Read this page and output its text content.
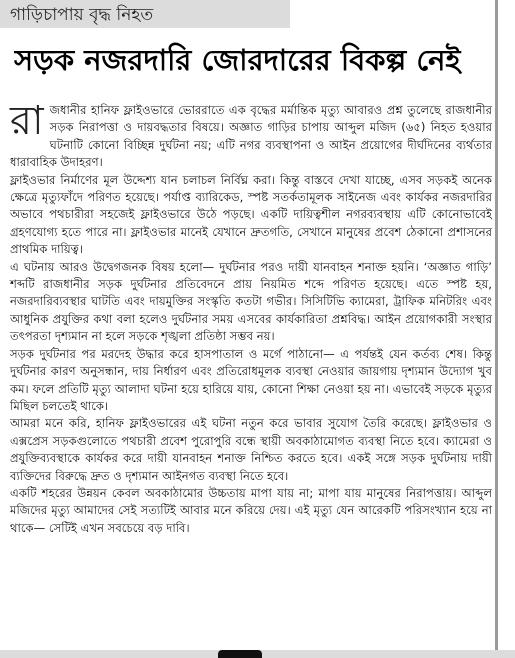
গাড়িচাপায় বৃদ্ধ নিহত
সড়ক নজরদারি জোরদারের বিকল্প নেই

রাজধানীর হানিফ ফ্লাইওভারে ভোররাতে এক বৃদ্ধের মর্মান্তিক মৃত্যু আবারও প্রশ্ন তুলেছে রাজধানীর সড়ক নিরাপত্তা ও দায়বদ্ধতার বিষয়ে। অজ্ঞাত গাড়ির চাপায় আব্দুল মজিদ (৬৫) নিহত হওয়ার ঘটনাটি কোনো বিচ্ছিন্ন দুর্ঘটনা নয়; এটি নগর ব্যবস্থাপনা ও আইন প্রয়োগের দীর্ঘদিনের ব্যর্থতার ধারাবাহিক উদাহরণ।

ফ্লাইওভার নির্মাণের মূল উদ্দেশ্য যান চলাচল নির্বিঘ্ন করা। কিন্তু বাস্তবে দেখা যাচ্ছে, এসব সড়কই অনেক ক্ষেত্রে মৃত্যুফাঁদে পরিণত হয়েছে। পর্যাপ্ত ব্যারিকেড, স্পষ্ট সতর্কতামূলক সাইনেজ এবং কার্যকর নজরদারির অভাবে পথচারীরা সহজেই ফ্লাইওভারে উঠে পড়ছে। একটি দায়িত্বশীল নগরব্যবস্থায় এটি কোনোভাবেই গ্রহণযোগ্য হতে পারে না। ফ্লাইওভার মানেই যেখানে দ্রুতগতি, সেখানে মানুষের প্রবেশ ঠেকানো প্রশাসনের প্রাথমিক দায়িত্ব।

এ ঘটনায় আরও উদ্বেগজনক বিষয় হলো— দুর্ঘটনার পরও দায়ী যানবাহন শনাক্ত হয়নি। ‘অজ্ঞাত গাড়ি’ শব্দটি রাজধানীর সড়ক দুর্ঘটনার প্রতিবেদনে প্রায় নিয়মিত শব্দে পরিণত হয়েছে। এতে স্পষ্ট হয়, নজরদারিব্যবস্থার ঘাটতি এবং দায়মুক্তির সংস্কৃতি কতটা গভীর। সিসিটিভি ক্যামেরা, ট্রাফিক মনিটরিং এবং আধুনিক প্রযুক্তির কথা বলা হলেও দুর্ঘটনার সময় এসবের কার্যকারিতা প্রশ্নবিদ্ধ। আইন প্রয়োগকারী সংস্থার তৎপরতা দৃশ্যমান না হলে সড়কে শৃঙ্খলা প্রতিষ্ঠা সম্ভব নয়।

সড়ক দুর্ঘটনার পর মরদেহ উদ্ধার করে হাসপাতাল ও মর্গে পাঠানো— এ পর্যন্তই যেন কর্তব্য শেষ। কিন্তু দুর্ঘটনার কারণ অনুসন্ধান, দায় নির্ধারণ এবং প্রতিরোধমূলক ব্যবস্থা নেওয়ার জায়গায় দৃশ্যমান উদ্যোগ খুব কম। ফলে প্রতিটি মৃত্যু আলাদা ঘটনা হয়ে হারিয়ে যায়, কোনো শিক্ষা নেওয়া হয় না। এভাবেই সড়কে মৃত্যুর মিছিল চলতেই থাকে।

আমরা মনে করি, হানিফ ফ্লাইওভারের এই ঘটনা নতুন করে ভাবার সুযোগ তৈরি করেছে। ফ্লাইওভার ও এক্সপ্রেস সড়কগুলোতে পথচারী প্রবেশ পুরোপুরি বন্ধে স্থায়ী অবকাঠামোগত ব্যবস্থা নিতে হবে। ক্যামেরা ও প্রযুক্তিব্যবস্থাকে কার্যকর করে দায়ী যানবাহন শনাক্ত নিশ্চিত করতে হবে। একই সঙ্গে সড়ক দুর্ঘটনায় দায়ী ব্যক্তিদের বিরুদ্ধে দ্রুত ও দৃশ্যমান আইনগত ব্যবস্থা নিতে হবে।

একটি শহরের উন্নয়ন কেবল অবকাঠামোর উচ্চতায় মাপা যায় না; মাপা যায় মানুষের নিরাপত্তায়। আব্দুল মজিদের মৃত্যু আমাদের সেই সত্যটিই আবার মনে করিয়ে দেয়। এই মৃত্যু যেন আরেকটি পরিসংখ্যান হয়ে না থাকে— সেটিই এখন সবচেয়ে বড় দাবি।
